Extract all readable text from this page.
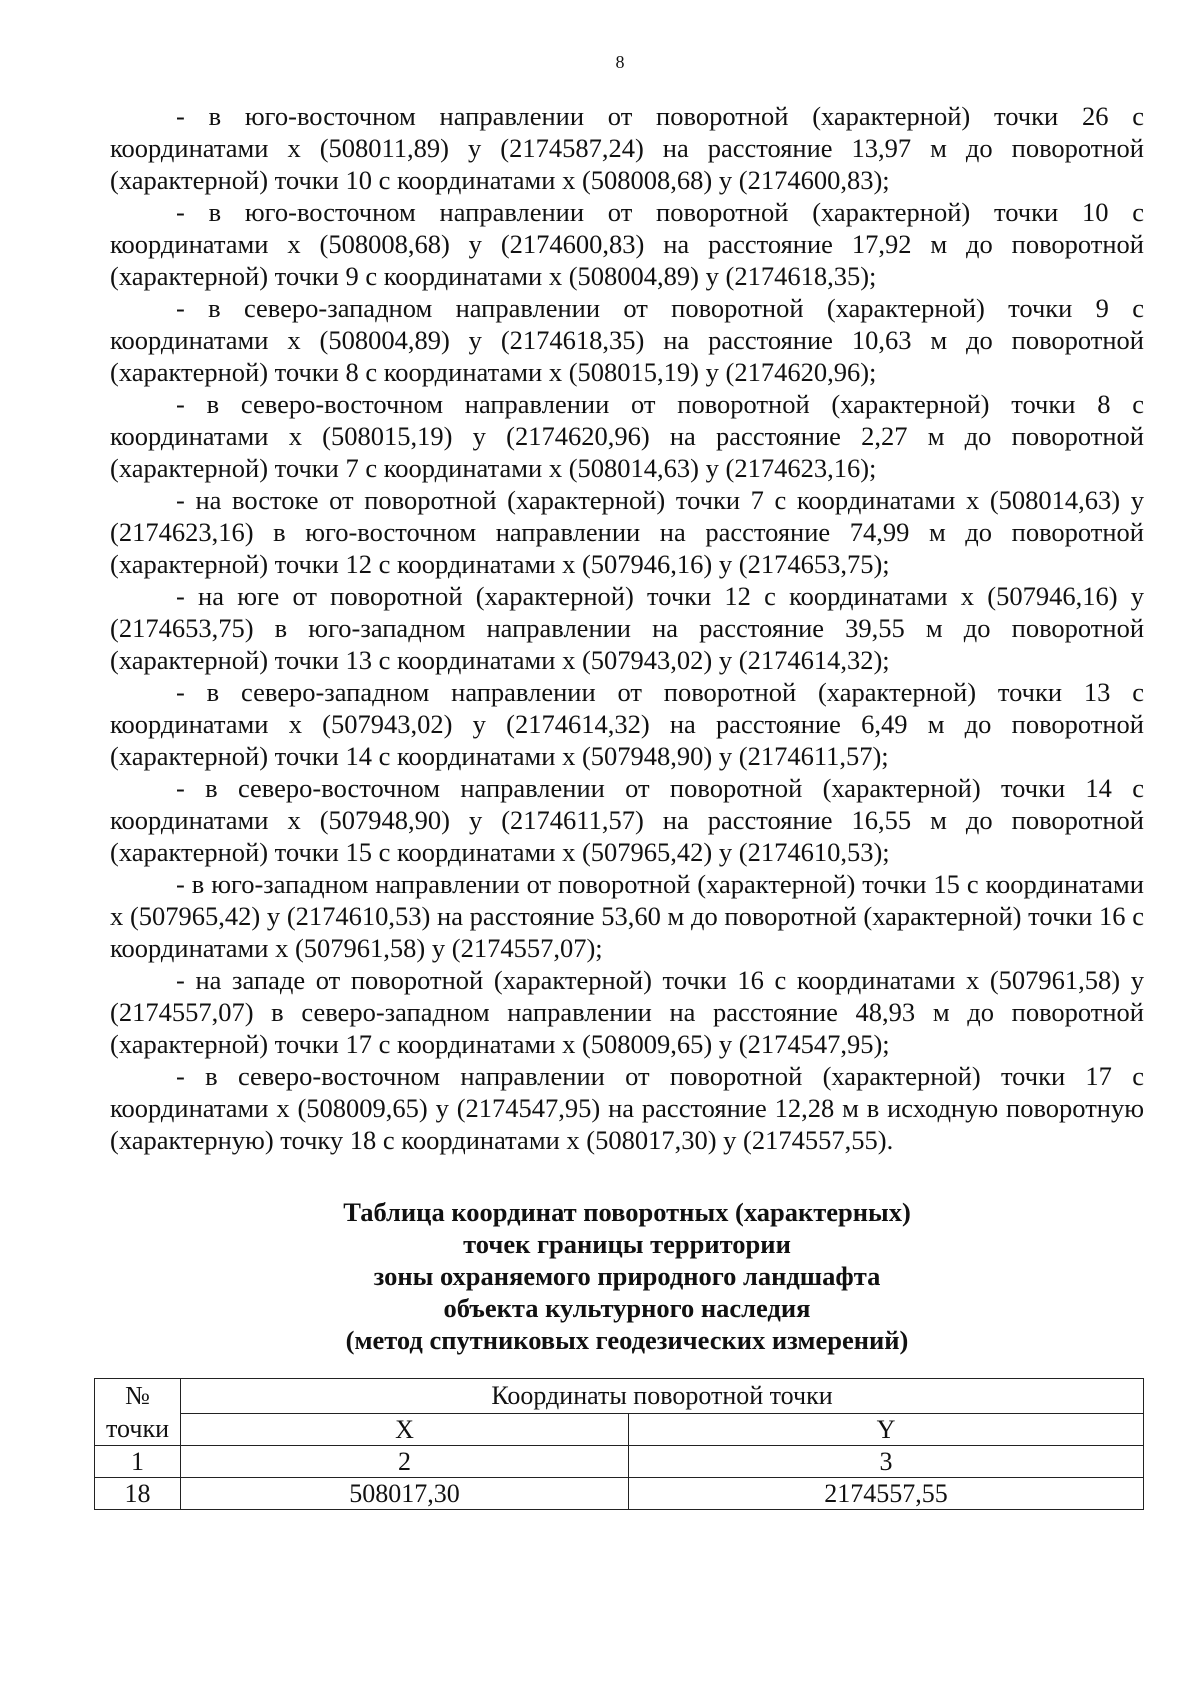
8

- в юго-восточном направлении от поворотной (характерной) точки 26 с координатами x (508011,89) y (2174587,24) на расстояние 13,97 м до поворотной (характерной) точки 10 с координатами x (508008,68) y (2174600,83);

- в юго-восточном направлении от поворотной (характерной) точки 10 с координатами x (508008,68) y (2174600,83) на расстояние 17,92 м до поворотной (характерной) точки 9 с координатами x (508004,89) y (2174618,35);

- в северо-западном направлении от поворотной (характерной) точки 9 с координатами x (508004,89) y (2174618,35) на расстояние 10,63 м до поворотной (характерной) точки 8 с координатами x (508015,19) y (2174620,96);

- в северо-восточном направлении от поворотной (характерной) точки 8 с координатами x (508015,19) y (2174620,96) на расстояние 2,27 м до поворотной (характерной) точки 7 с координатами x (508014,63) y (2174623,16);

- на востоке от поворотной (характерной) точки 7 с координатами x (508014,63) y (2174623,16) в юго-восточном направлении на расстояние 74,99 м до поворотной (характерной) точки 12 с координатами x (507946,16) y (2174653,75);

- на юге от поворотной (характерной) точки 12 с координатами x (507946,16) y (2174653,75) в юго-западном направлении на расстояние 39,55 м до поворотной (характерной) точки 13 с координатами x (507943,02) y (2174614,32);

- в северо-западном направлении от поворотной (характерной) точки 13 с координатами x (507943,02) y (2174614,32) на расстояние 6,49 м до поворотной (характерной) точки 14 с координатами x (507948,90) y (2174611,57);

- в северо-восточном направлении от поворотной (характерной) точки 14 с координатами x (507948,90) y (2174611,57) на расстояние 16,55 м до поворотной (характерной) точки 15 с координатами x (507965,42) y (2174610,53);

- в юго-западном направлении от поворотной (характерной) точки 15 с координатами x (507965,42) y (2174610,53) на расстояние 53,60 м до поворотной (характерной) точки 16 с координатами x (507961,58) y (2174557,07);

- на западе от поворотной (характерной) точки 16 с координатами x (507961,58) y (2174557,07) в северо-западном направлении на расстояние 48,93 м до поворотной (характерной) точки 17 с координатами x (508009,65) y (2174547,95);

- в северо-восточном направлении от поворотной (характерной) точки 17 с координатами x (508009,65) y (2174547,95) на расстояние 12,28 м в исходную поворотную (характерную) точку 18 с координатами x (508017,30) y (2174557,55).

Таблица координат поворотных (характерных)
точек границы территории
зоны охраняемого природного ландшафта
объекта культурного наследия
(метод спутниковых геодезических измерений)
№	Координаты поворотной точки	
точки	X	Y
1	2	3
18	508017,30	2174557,55
